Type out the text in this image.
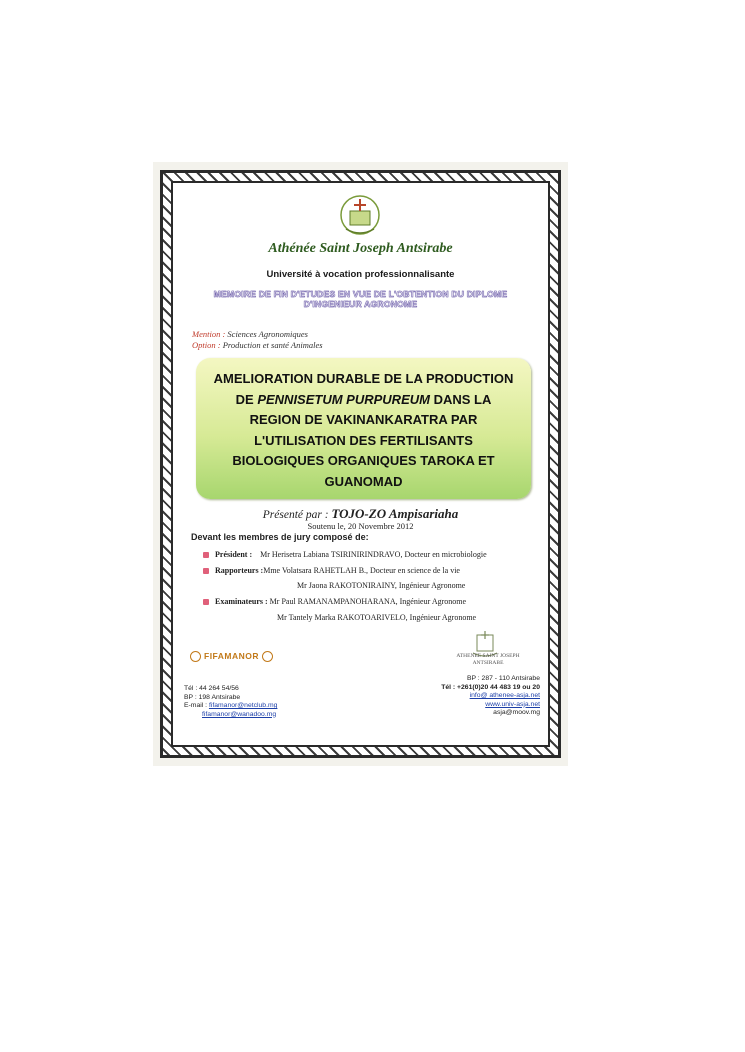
Athénée Saint Joseph Antsirabe
Université à vocation professionnalisante
MEMOIRE DE FIN D'ETUDES EN VUE DE L'OBTENTION DU DIPLOME
D'INGENIEUR AGRONOME
Mention : Sciences Agronomiques
Option : Production et santé Animales
AMELIORATION DURABLE DE LA PRODUCTION
DE PENNISETUM PURPUREUM DANS LA
REGION DE VAKINANKARATRA PAR
L'UTILISATION DES FERTILISANTS
BIOLOGIQUES ORGANIQUES TAROKA ET
GUANOMAD
Présenté par : TOJO-ZO Ampisariaha
Soutenu le, 20 Novembre 2012
Devant les membres de jury composé de:
Président : Mr Herisetra Labiana TSIRINIRINDRAVO, Docteur en microbiologie
Rapporteurs :Mme Volatsara RAHETLAH B., Docteur en science de la vie
Mr Jaona RAKOTONIRAINY, Ingénieur Agronome
Examinateurs : Mr Paul RAMANAMPANOHARANA, Ingénieur Agronome
Mr Tantely Marka RAKOTOARIVELO, Ingénieur Agronome
FIFAMANOR	ATHENEE SAINT JOSEPH ANTSIRABE
Tél : 44 264 54/56
BP : 198 Antsirabe
E-mail : fifamanor@netclub.mg
fifamanor@wanadoo.mg
BP : 287 - 110 Antsirabe
Tél : +261(0)20 44 483 19 ou 20
info@ athenee-asja.net
www.univ-asja.net
asja@moov.mg
